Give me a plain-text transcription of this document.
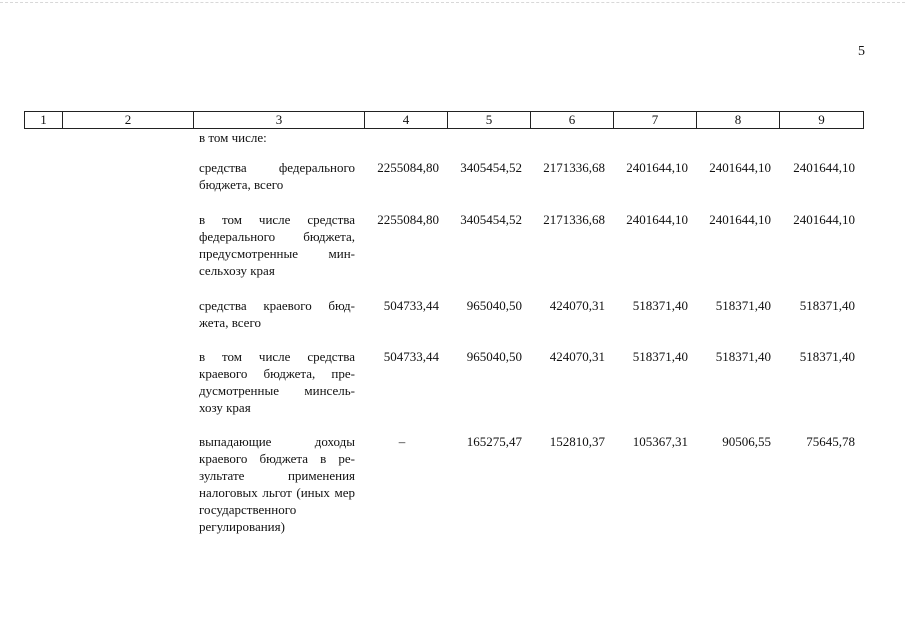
5
1	2	3	4	5	6	7	8	9
в том числе:
средства федерального бюджета, всего
2255084,80	3405454,52	2171336,68	2401644,10	2401644,10	2401644,10
в том числе средства федерального бюджета, предусмотренные мин-сельхозу края
2255084,80	3405454,52	2171336,68	2401644,10	2401644,10	2401644,10
средства краевого бюд-жета, всего
504733,44	965040,50	424070,31	518371,40	518371,40	518371,40
в том числе средства краевого бюджета, пре-дусмотренные минсель-хозу края
504733,44	965040,50	424070,31	518371,40	518371,40	518371,40
выпадающие доходы краевого бюджета в ре-зультате применения налоговых льгот (иных мер государственного регулирования)
–	165275,47	152810,37	105367,31	90506,55	75645,78
